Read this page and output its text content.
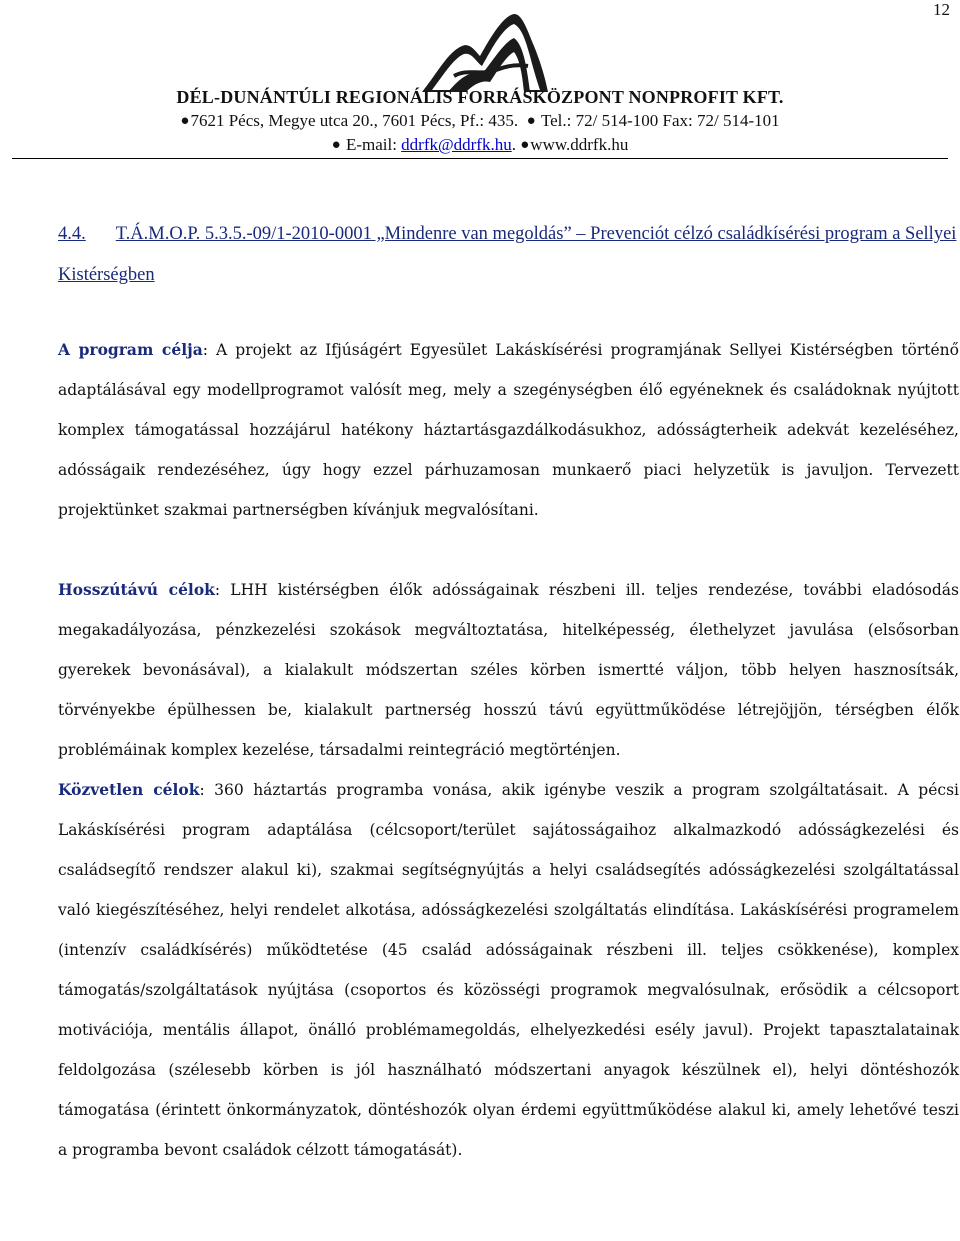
12
DÉL-DUNÁNTÚLI REGIONÁLIS FORRÁSKÖZPONT NONPROFIT KFT.
●7621 Pécs, Megye utca 20., 7601 Pécs, Pf.: 435. ● Tel.: 72/ 514-100 Fax: 72/ 514-101
● E-mail: ddrfk@ddrfk.hu. ●www.ddrfk.hu
4.4. T.Á.M.O.P. 5.3.5.-09/1-2010-0001 „Mindenre van megoldás” – Prevenciót célzó családkísérési program a Sellyei Kistérségben

A program célja: A projekt az Ifjúságért Egyesület Lakáskísérési programjának Sellyei Kistérségben történő adaptálásával egy modellprogramot valósít meg, mely a szegénységben élő egyéneknek és családoknak nyújtott komplex támogatással hozzájárul hatékony háztartásgazdálkodásukhoz, adósságterheik adekvát kezeléséhez, adósságaik rendezéséhez, úgy hogy ezzel párhuzamosan munkaerő piaci helyzetük is javuljon. Tervezett projektünket szakmai partnerségben kívánjuk megvalósítani.

Hosszútávú célok: LHH kistérségben élők adósságainak részbeni ill. teljes rendezése, további eladósodás megakadályozása, pénzkezelési szokások megváltoztatása, hitelképesség, élethelyzet javulása (elsősorban gyerekek bevonásával), a kialakult módszertan széles körben ismertté váljon, több helyen hasznosítsák, törvényekbe épülhessen be, kialakult partnerség hosszú távú együttműködése létrejöjjön, térségben élők problémáinak komplex kezelése, társadalmi reintegráció megtörténjen.

Közvetlen célok: 360 háztartás programba vonása, akik igénybe veszik a program szolgáltatásait. A pécsi Lakáskísérési program adaptálása (célcsoport/terület sajátosságaihoz alkalmazkodó adósságkezelési és családsegítő rendszer alakul ki), szakmai segítségnyújtás a helyi családsegítés adósságkezelési szolgáltatással való kiegészítéséhez, helyi rendelet alkotása, adósságkezelési szolgáltatás elindítása. Lakáskísérési programelem (intenzív családkísérés) működtetése (45 család adósságainak részbeni ill. teljes csökkenése), komplex támogatás/szolgáltatások nyújtása (csoportos és közösségi programok megvalósulnak, erősödik a célcsoport motivációja, mentális állapot, önálló problémamegoldás, elhelyezkedési esély javul). Projekt tapasztalatainak feldolgozása (szélesebb körben is jól használható módszertani anyagok készülnek el), helyi döntéshozók támogatása (érintett önkormányzatok, döntéshozók olyan érdemi együttműködése alakul ki, amely lehetővé teszi a programba bevont családok célzott támogatását).
